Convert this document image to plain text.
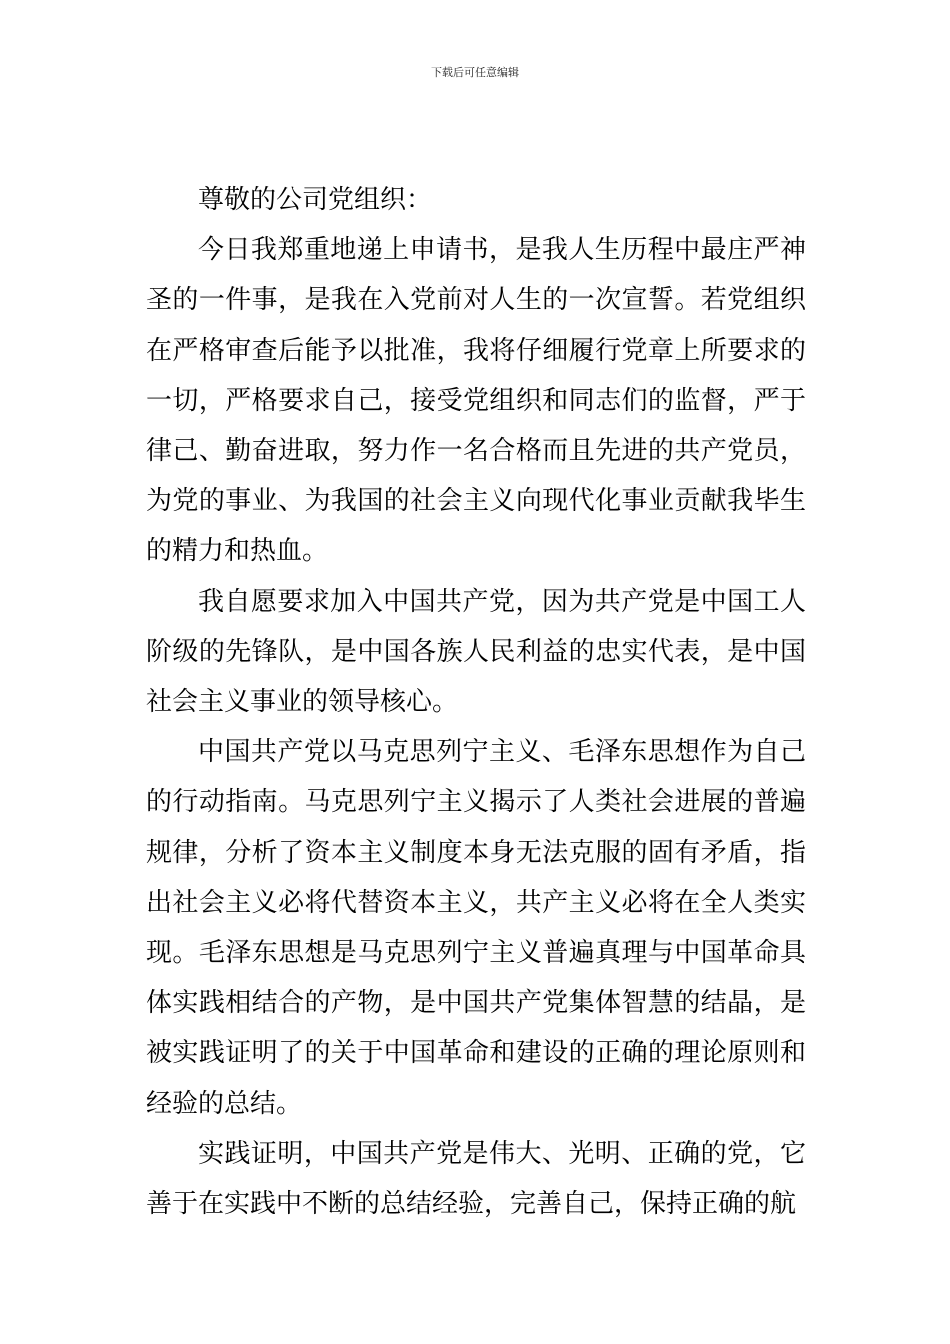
下载后可任意编辑

尊敬的公司党组织：

今日我郑重地递上申请书，是我人生历程中最庄严神圣的一件事，是我在入党前对人生的一次宣誓。若党组织在严格审查后能予以批准，我将仔细履行党章上所要求的一切，严格要求自己，接受党组织和同志们的监督，严于律己、勤奋进取，努力作一名合格而且先进的共产党员，为党的事业、为我国的社会主义向现代化事业贡献我毕生的精力和热血。

我自愿要求加入中国共产党，因为共产党是中国工人阶级的先锋队，是中国各族人民利益的忠实代表，是中国社会主义事业的领导核心。

中国共产党以马克思列宁主义、毛泽东思想作为自己的行动指南。马克思列宁主义揭示了人类社会进展的普遍规律，分析了资本主义制度本身无法克服的固有矛盾，指出社会主义必将代替资本主义，共产主义必将在全人类实现。毛泽东思想是马克思列宁主义普遍真理与中国革命具体实践相结合的产物，是中国共产党集体智慧的结晶，是被实践证明了的关于中国革命和建设的正确的理论原则和经验的总结。

实践证明，中国共产党是伟大、光明、正确的党，它善于在实践中不断的总结经验，完善自己，保持正确的航
